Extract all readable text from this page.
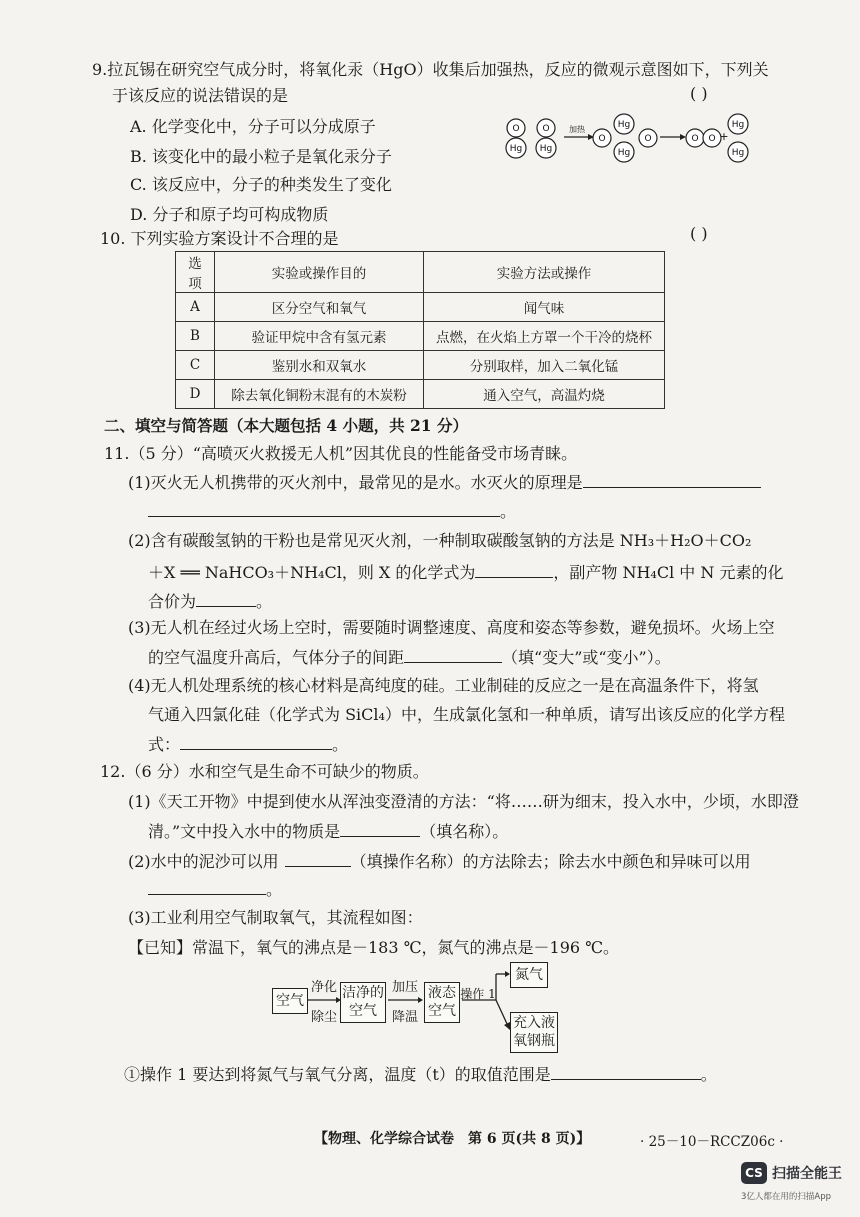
9.拉瓦锡在研究空气成分时，将氧化汞（HgO）收集后加强热，反应的微观示意图如下，下列关
于该反应的说法错误的是	( )
A. 化学变化中，分子可以分成原子
B. 该变化中的最小粒子是氧化汞分子
C. 该反应中，分子的种类发生了变化
D. 分子和原子均可构成物质
O
Hg
O
Hg
加热
O
Hg
Hg
O	O O +
Hg
Hg
10. 下列实验方案设计不合理的是	( )
选项	实验或操作目的	实验方法或操作
A	区分空气和氧气	闻气味
B	验证甲烷中含有氢元素	点燃，在火焰上方罩一个干冷的烧杯
C	鉴别水和双氧水	分别取样，加入二氧化锰
D	除去氧化铜粉末混有的木炭粉	通入空气，高温灼烧
二、填空与简答题（本大题包括 4 小题，共 21 分）
11.（5 分）“高喷灭火救援无人机”因其优良的性能备受市场青睐。
(1)灭火无人机携带的灭火剂中，最常见的是水。水灭火的原理是
。
(2)含有碳酸氢钠的干粉也是常见灭火剂，一种制取碳酸氢钠的方法是 NH₃＋H₂O＋CO₂
＋X ══ NaHCO₃＋NH₄Cl，则 X 的化学式为	，副产物 NH₄Cl 中 N 元素的化
合价为	。
(3)无人机在经过火场上空时，需要随时调整速度、高度和姿态等参数，避免损坏。火场上空
的空气温度升高后，气体分子的间距	（填“变大”或“变小”）。
(4)无人机处理系统的核心材料是高纯度的硅。工业制硅的反应之一是在高温条件下，将氢
气通入四氯化硅（化学式为 SiCl₄）中，生成氯化氢和一种单质，请写出该反应的化学方程
式：	。
12.（6 分）水和空气是生命不可缺少的物质。
(1)《天工开物》中提到使水从浑浊变澄清的方法：“将……研为细末，投入水中，少顷，水即澄
清。”文中投入水中的物质是	（填名称）。
(2)水中的泥沙可以用	（填操作名称）的方法除去；除去水中颜色和异味可以用
。
(3)工业利用空气制取氧气，其流程如图：
【已知】常温下，氧气的沸点是－183 ℃，氮气的沸点是－196 ℃。
空气
净化
除尘
洁净的
空气
加压
降温
液态
空气
操作 1
氮气
充入液
氧钢瓶
①操作 1 要达到将氮气与氧气分离，温度（t）的取值范围是	。
【物理、化学综合试卷　第 6 页(共 8 页)】	· 25－10－RCCZ06c ·
CS 扫描全能王
3亿人都在用的扫描App
